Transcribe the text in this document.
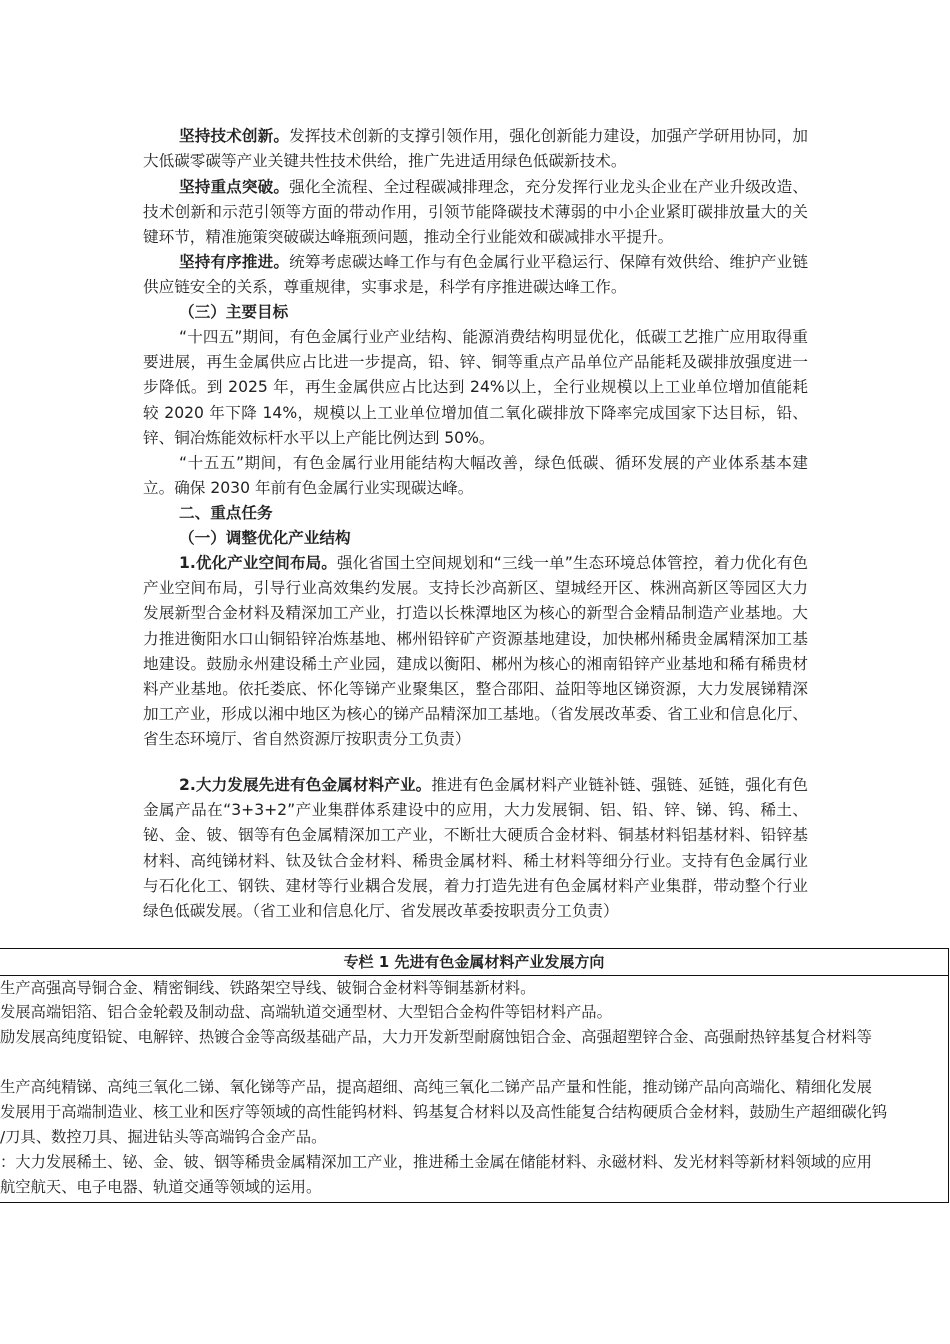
坚持技术创新。发挥技术创新的支撑引领作用，强化创新能力建设，加强产学研用协同，加大低碳零碳等产业关键共性技术供给，推广先进适用绿色低碳新技术。

坚持重点突破。强化全流程、全过程碳减排理念，充分发挥行业龙头企业在产业升级改造、技术创新和示范引领等方面的带动作用，引领节能降碳技术薄弱的中小企业紧盯碳排放量大的关键环节，精准施策突破碳达峰瓶颈问题，推动全行业能效和碳减排水平提升。

坚持有序推进。统筹考虑碳达峰工作与有色金属行业平稳运行、保障有效供给、维护产业链供应链安全的关系，尊重规律，实事求是，科学有序推进碳达峰工作。

（三）主要目标

“十四五”期间，有色金属行业产业结构、能源消费结构明显优化，低碳工艺推广应用取得重要进展，再生金属供应占比进一步提高，铅、锌、铜等重点产品单位产品能耗及碳排放强度进一步降低。到 2025 年，再生金属供应占比达到 24%以上，全行业规模以上工业单位增加值能耗较 2020 年下降 14%，规模以上工业单位增加值二氧化碳排放下降率完成国家下达目标，铅、锌、铜冶炼能效标杆水平以上产能比例达到 50%。

“十五五”期间，有色金属行业用能结构大幅改善，绿色低碳、循环发展的产业体系基本建立。确保 2030 年前有色金属行业实现碳达峰。

二、重点任务

（一）调整优化产业结构

1.优化产业空间布局。强化省国土空间规划和“三线一单”生态环境总体管控，着力优化有色产业空间布局，引导行业高效集约发展。支持长沙高新区、望城经开区、株洲高新区等园区大力发展新型合金材料及精深加工产业，打造以长株潭地区为核心的新型合金精品制造产业基地。大力推进衡阳水口山铜铅锌冶炼基地、郴州铅锌矿产资源基地建设，加快郴州稀贵金属精深加工基地建设。鼓励永州建设稀土产业园，建成以衡阳、郴州为核心的湘南铅锌产业基地和稀有稀贵材料产业基地。依托娄底、怀化等锑产业聚集区，整合邵阳、益阳等地区锑资源，大力发展锑精深加工产业，形成以湘中地区为核心的锑产品精深加工基地。（省发展改革委、省工业和信息化厅、省生态环境厅、省自然资源厅按职责分工负责）

2.大力发展先进有色金属材料产业。推进有色金属材料产业链补链、强链、延链，强化有色金属产品在“3+3+2”产业集群体系建设中的应用，大力发展铜、铝、铅、锌、锑、钨、稀土、铋、金、铍、铟等有色金属精深加工产业，不断壮大硬质合金材料、铜基材料铝基材料、铅锌基材料、高纯锑材料、钛及钛合金材料、稀贵金属材料、稀土材料等细分行业。支持有色金属行业与石化化工、钢铁、建材等行业耦合发展，着力打造先进有色金属材料产业集群，带动整个行业绿色低碳发展。（省工业和信息化厅、省发展改革委按职责分工负责）

专栏 1 先进有色金属材料产业发展方向
生产高强高导铜合金、精密铜线、铁路架空导线、铍铜合金材料等铜基新材料。
发展高端铝箔、铝合金轮毂及制动盘、高端轨道交通型材、大型铝合金构件等铝材料产品。
励发展高纯度铅锭、电解锌、热镀合金等高级基础产品，大力开发新型耐腐蚀铝合金、高强超塑锌合金、高强耐热锌基复合材料等
生产高纯精锑、高纯三氧化二锑、氧化锑等产品，提高超细、高纯三氧化二锑产品产量和性能，推动锑产品向高端化、精细化发展
发展用于高端制造业、核工业和医疗等领域的高性能钨材料、钨基复合材料以及高性能复合结构硬质合金材料，鼓励生产超细碳化钨
/刀具、数控刀具、掘进钻头等高端钨合金产品。
：大力发展稀土、铋、金、铍、铟等稀贵金属精深加工产业，推进稀土金属在储能材料、永磁材料、发光材料等新材料领域的应用
航空航天、电子电器、轨道交通等领域的运用。
